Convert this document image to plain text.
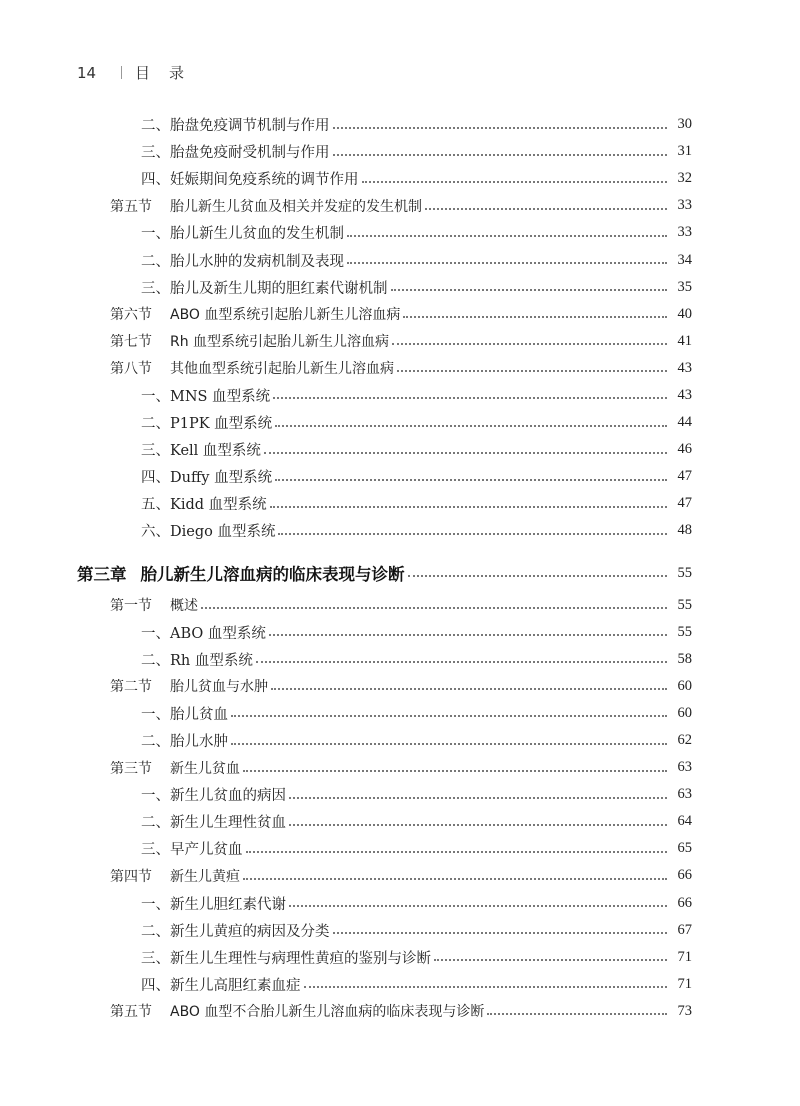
14	目录
二、胎盘免疫调节机制与作用	30
三、胎盘免疫耐受机制与作用	31
四、妊娠期间免疫系统的调节作用	32
第五节 胎儿新生儿贫血及相关并发症的发生机制	33
一、胎儿新生儿贫血的发生机制	33
二、胎儿水肿的发病机制及表现	34
三、胎儿及新生儿期的胆红素代谢机制	35
第六节 ABO 血型系统引起胎儿新生儿溶血病	40
第七节 Rh 血型系统引起胎儿新生儿溶血病	41
第八节 其他血型系统引起胎儿新生儿溶血病	43
一、MNS 血型系统	43
二、P1PK 血型系统	44
三、Kell 血型系统	46
四、Duffy 血型系统	47
五、Kidd 血型系统	47
六、Diego 血型系统	48
第三章 胎儿新生儿溶血病的临床表现与诊断	55
第一节 概述	55
一、ABO 血型系统	55
二、Rh 血型系统	58
第二节 胎儿贫血与水肿	60
一、胎儿贫血	60
二、胎儿水肿	62
第三节 新生儿贫血	63
一、新生儿贫血的病因	63
二、新生儿生理性贫血	64
三、早产儿贫血	65
第四节 新生儿黄疸	66
一、新生儿胆红素代谢	66
二、新生儿黄疸的病因及分类	67
三、新生儿生理性与病理性黄疸的鉴别与诊断	71
四、新生儿高胆红素血症	71
第五节 ABO 血型不合胎儿新生儿溶血病的临床表现与诊断	73
